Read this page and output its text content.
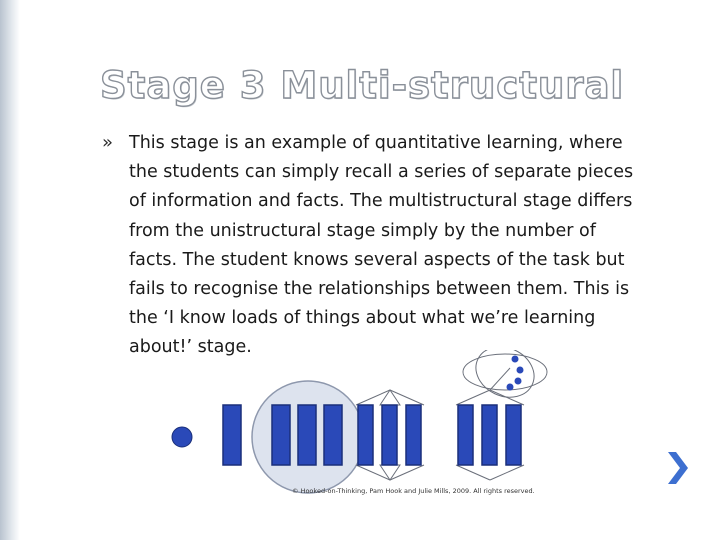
Stage 3 Multi-structural
» This stage is an example of quantitative learning, where the students can simply recall a series of separate pieces of information and facts. The multistructural stage differs from the unistructural stage simply by the number of facts. The student knows several aspects of the task but fails to recognise the relationships between them. This is the ‘I know loads of things about what we’re learning about!’ stage.

© Hooked-on-Thinking, Pam Hook and Julie Mills, 2009. All rights reserved.
